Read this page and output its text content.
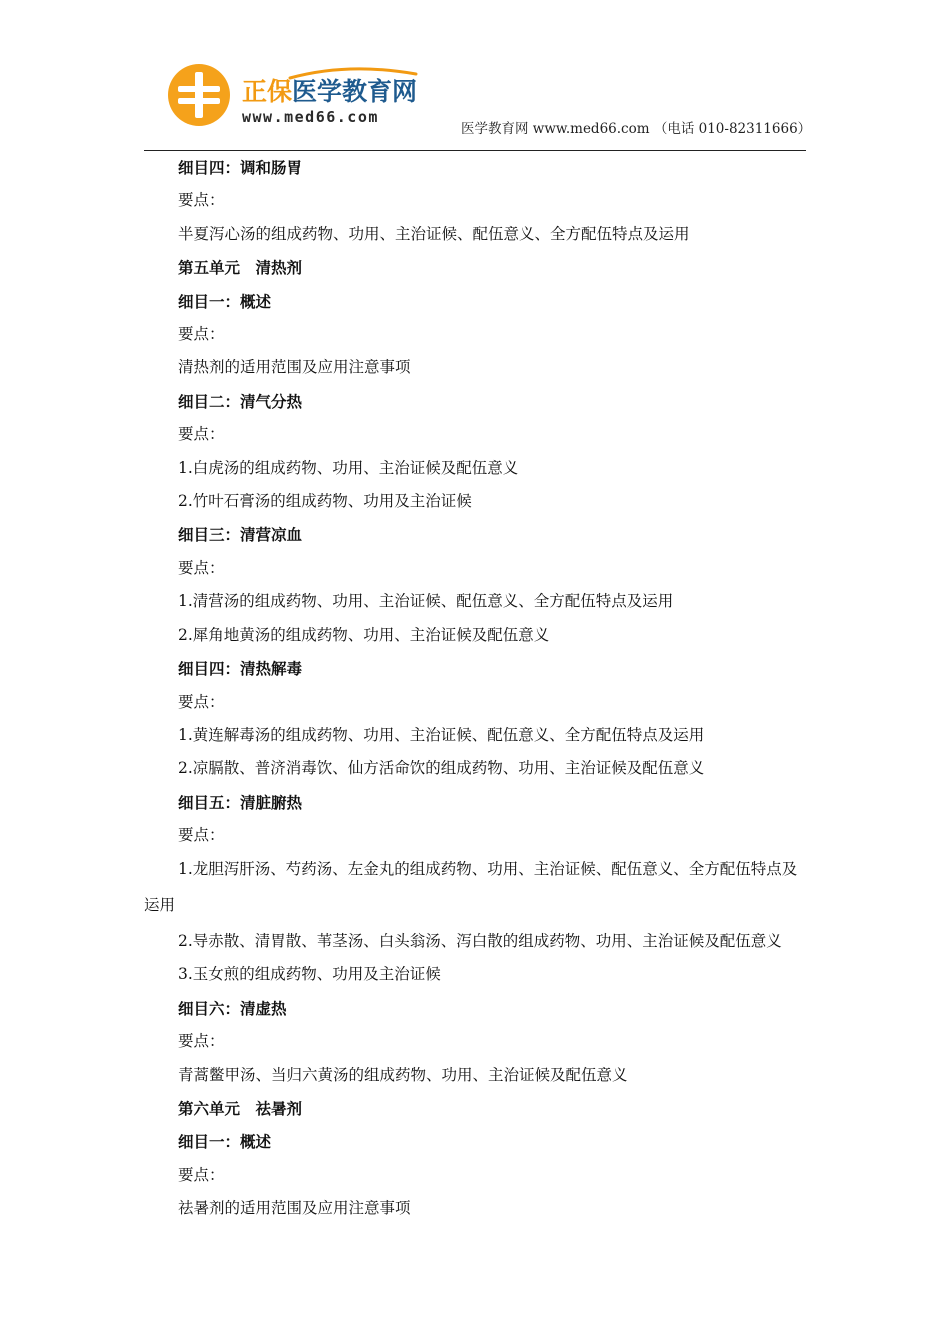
正保医学教育网
www.med66.com
医学教育网 www.med66.com （电话 010-82311666）
细目四：调和肠胃
要点：
半夏泻心汤的组成药物、功用、主治证候、配伍意义、全方配伍特点及运用
第五单元　清热剂
细目一：概述
要点：
清热剂的适用范围及应用注意事项
细目二：清气分热
要点：
1.白虎汤的组成药物、功用、主治证候及配伍意义
2.竹叶石膏汤的组成药物、功用及主治证候
细目三：清营凉血
要点：
1.清营汤的组成药物、功用、主治证候、配伍意义、全方配伍特点及运用
2.犀角地黄汤的组成药物、功用、主治证候及配伍意义
细目四：清热解毒
要点：
1.黄连解毒汤的组成药物、功用、主治证候、配伍意义、全方配伍特点及运用
2.凉膈散、普济消毒饮、仙方活命饮的组成药物、功用、主治证候及配伍意义
细目五：清脏腑热
要点：
1.龙胆泻肝汤、芍药汤、左金丸的组成药物、功用、主治证候、配伍意义、全方配伍特点及
运用
2.导赤散、清胃散、苇茎汤、白头翁汤、泻白散的组成药物、功用、主治证候及配伍意义
3.玉女煎的组成药物、功用及主治证候
细目六：清虚热
要点：
青蒿鳖甲汤、当归六黄汤的组成药物、功用、主治证候及配伍意义
第六单元　祛暑剂
细目一：概述
要点：
祛暑剂的适用范围及应用注意事项
